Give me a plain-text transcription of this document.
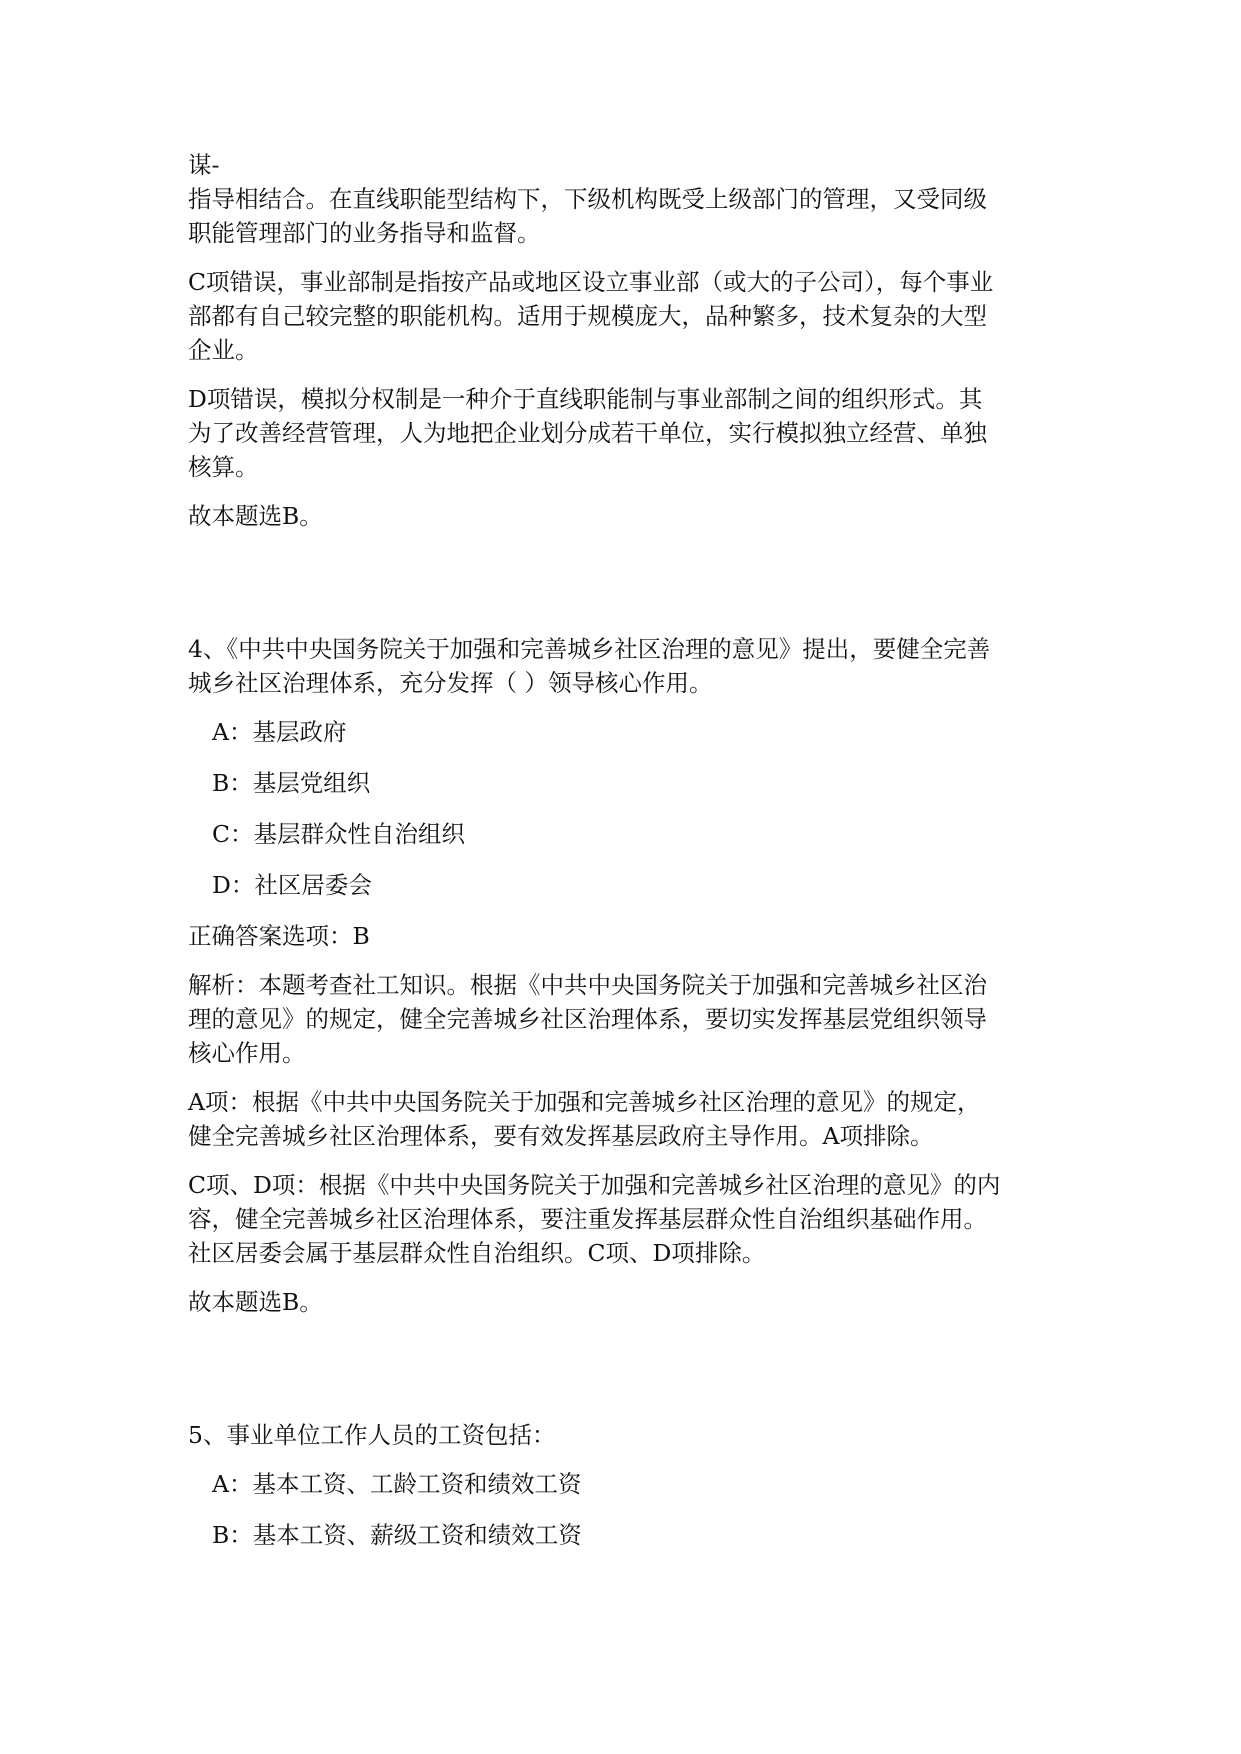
谋-

指导相结合。在直线职能型结构下，下级机构既受上级部门的管理，又受同级

职能管理部门的业务指导和监督。

C项错误，事业部制是指按产品或地区设立事业部（或大的子公司），每个事业

部都有自己较完整的职能机构。适用于规模庞大，品种繁多，技术复杂的大型

企业。

D项错误，模拟分权制是一种介于直线职能制与事业部制之间的组织形式。其

为了改善经营管理，人为地把企业划分成若干单位，实行模拟独立经营、单独

核算。

故本题选B。

4、《中共中央国务院关于加强和完善城乡社区治理的意见》提出，要健全完善

城乡社区治理体系，充分发挥（ ）领导核心作用。

A：基层政府

B：基层党组织

C：基层群众性自治组织

D：社区居委会

正确答案选项：B

解析：本题考查社工知识。根据《中共中央国务院关于加强和完善城乡社区治

理的意见》的规定，健全完善城乡社区治理体系，要切实发挥基层党组织领导

核心作用。

A项：根据《中共中央国务院关于加强和完善城乡社区治理的意见》的规定，

健全完善城乡社区治理体系，要有效发挥基层政府主导作用。A项排除。

C项、D项：根据《中共中央国务院关于加强和完善城乡社区治理的意见》的内

容，健全完善城乡社区治理体系，要注重发挥基层群众性自治组织基础作用。

社区居委会属于基层群众性自治组织。C项、D项排除。

故本题选B。

5、事业单位工作人员的工资包括：

A：基本工资、工龄工资和绩效工资

B：基本工资、薪级工资和绩效工资
